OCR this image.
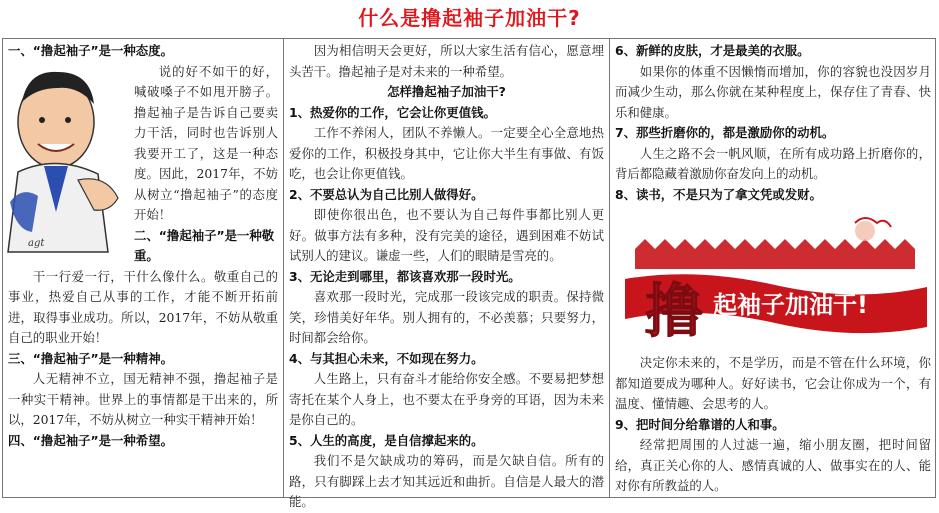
什么是撸起袖子加油干?

一、“撸起袖子”是一种态度。

agt

说的好不如干的好，喊破嗓子不如甩开膀子。撸起袖子是告诉自己要卖力干活，同时也告诉别人我要开工了，这是一种态度。因此，2017年，不妨从树立“撸起袖子”的态度开始！

二、“撸起袖子”是一种敬重。

干一行爱一行，干什么像什么。敬重自己的事业，热爱自己从事的工作，才能不断开拓前进，取得事业成功。所以，2017年，不妨从敬重自己的职业开始！

三、“撸起袖子”是一种精神。

人无精神不立，国无精神不强，撸起袖子是一种实干精神。世界上的事情都是干出来的，所以，2017年，不妨从树立一种实干精神开始！

四、“撸起袖子”是一种希望。

因为相信明天会更好，所以大家生活有信心，愿意埋头苦干。撸起袖子是对未来的一种希望。

怎样撸起袖子加油干?

1、热爱你的工作，它会让你更值钱。

工作不养闲人，团队不养懒人。一定要全心全意地热爱你的工作，积极投身其中，它让你大半生有事做、有饭吃，也会让你更值钱。

2、不要总认为自己比别人做得好。

即使你很出色，也不要认为自己每件事都比别人更好。做事方法有多种，没有完美的途径，遇到困难不妨试试别人的建议。谦虚一些，人们的眼睛是雪亮的。

3、无论走到哪里，都该喜欢那一段时光。

喜欢那一段时光，完成那一段该完成的职责。保持微笑，珍惜美好年华。别人拥有的，不必羡慕；只要努力，时间都会给你。

4、与其担心未来，不如现在努力。

人生路上，只有奋斗才能给你安全感。不要易把梦想寄托在某个人身上，也不要太在乎身旁的耳语，因为未来是你自己的。

5、人生的高度，是自信撑起来的。

我们不是欠缺成功的筹码，而是欠缺自信。所有的路，只有脚踩上去才知其远近和曲折。自信是人最大的潜能。

6、新鲜的皮肤，才是最美的衣服。

如果你的体重不因懒惰而增加，你的容貌也没因岁月而减少生动，那么你就在某种程度上，保存住了青春、快乐和健康。

7、那些折磨你的，都是激励你的动机。

人生之路不会一帆风顺，在所有成功路上折磨你的，背后都隐藏着激励你奋发向上的动机。

8、读书，不是只为了拿文凭或发财。

撸 起袖子加油干!

决定你未来的，不是学历，而是不管在什么环境，你都知道要成为哪种人。好好读书，它会让你成为一个，有温度、懂情趣、会思考的人。

9、把时间分给靠谱的人和事。

经常把周围的人过滤一遍，缩小朋友圈，把时间留给，真正关心你的人、感情真诚的人、做事实在的人、能对你有所教益的人。
